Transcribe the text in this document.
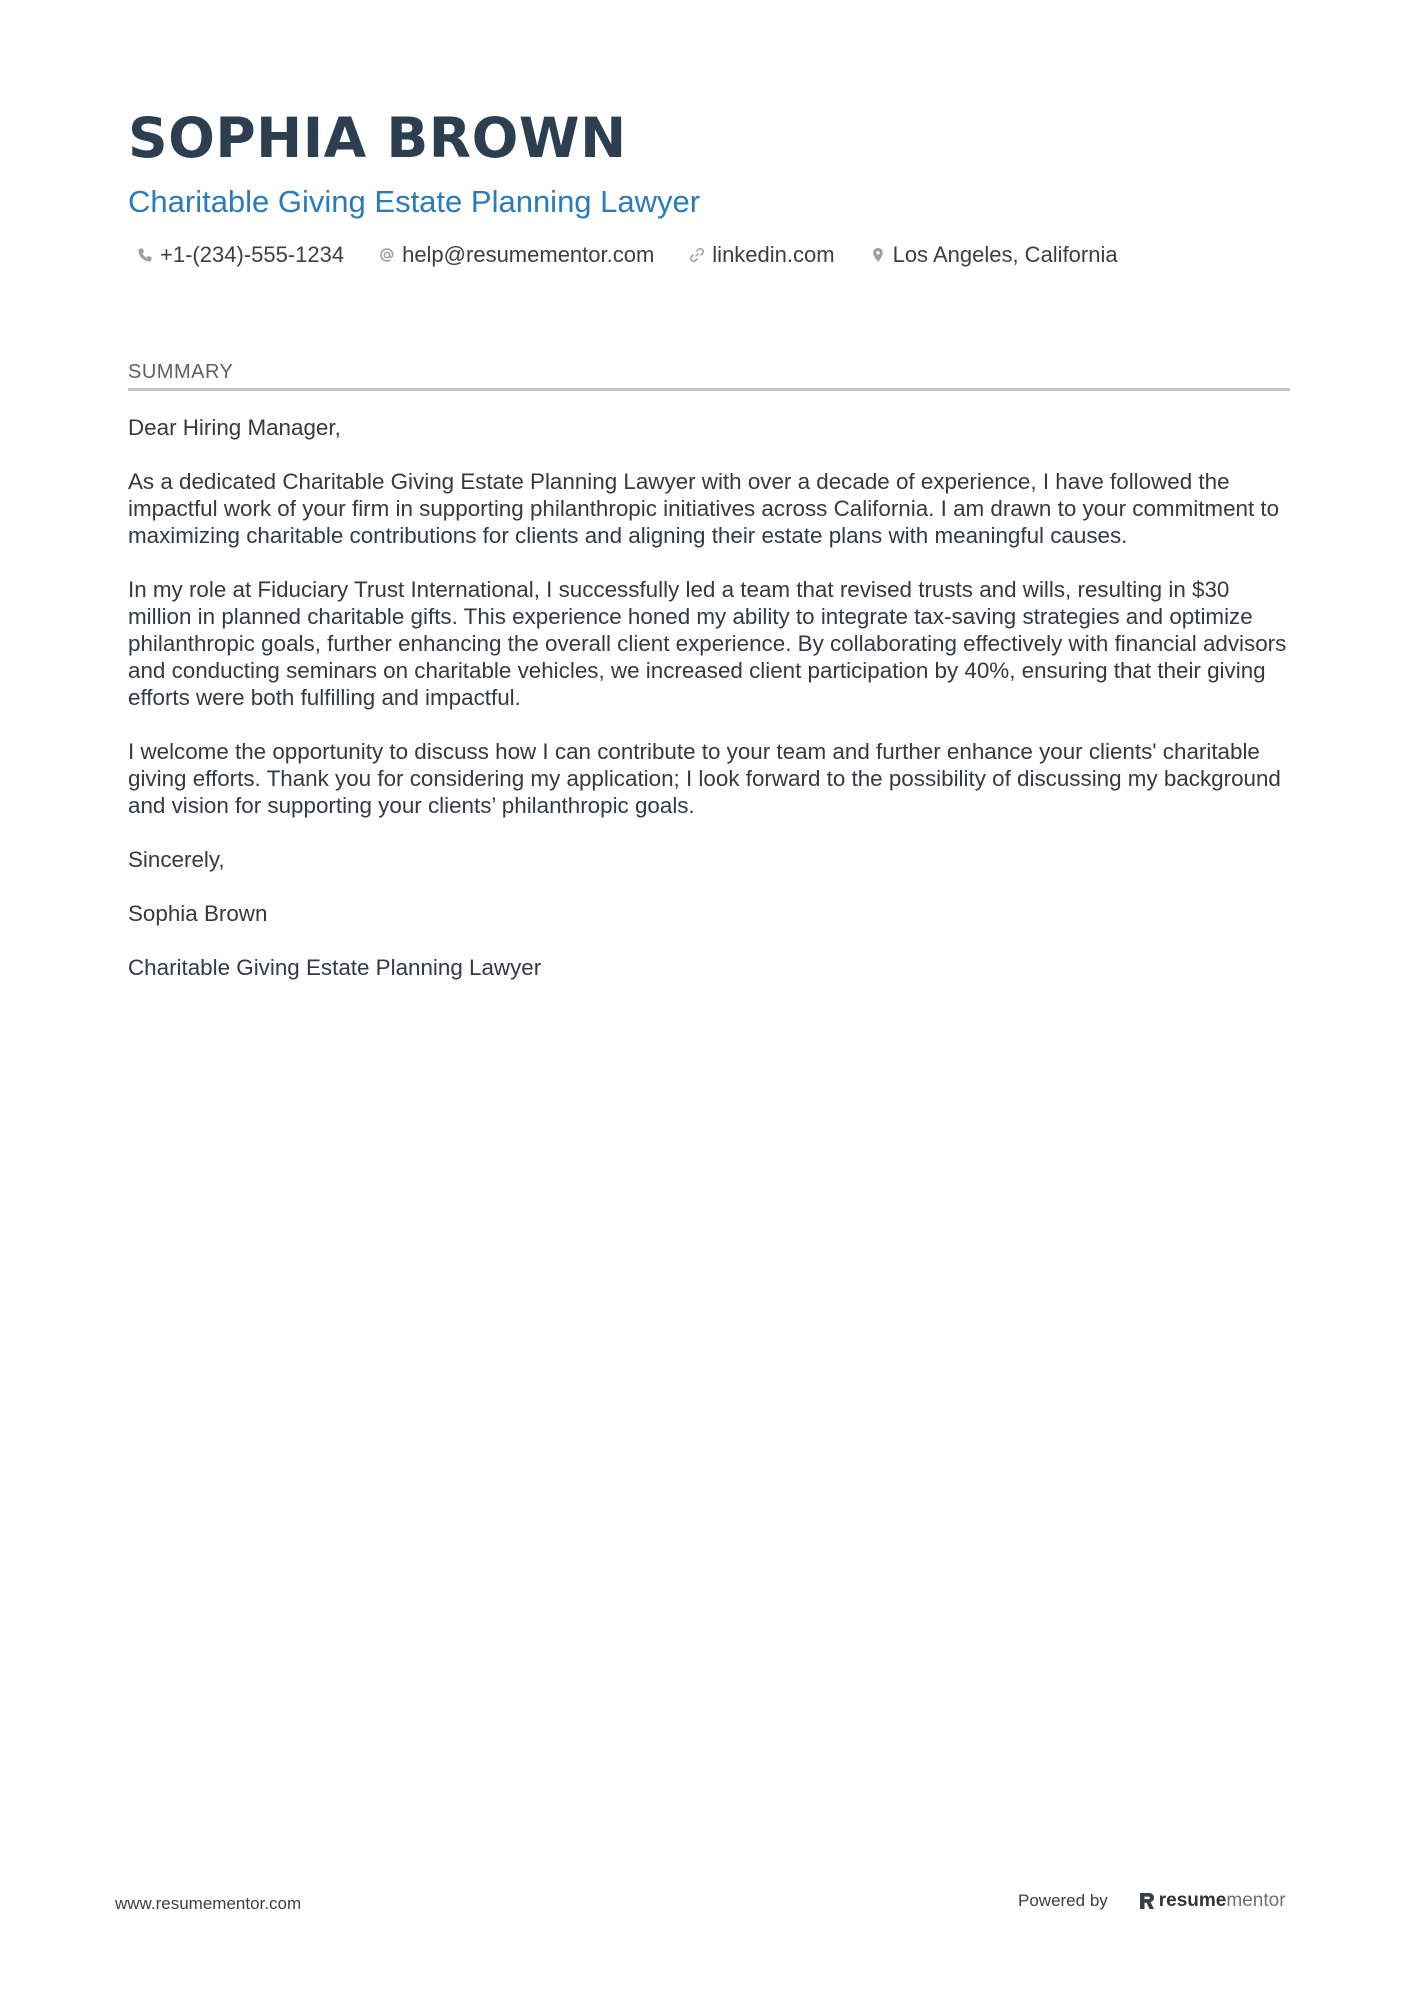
SOPHIA BROWN
Charitable Giving Estate Planning Lawyer
+1-(234)-555-1234	help@resumementor.com	linkedin.com	Los Angeles, California
SUMMARY

Dear Hiring Manager,

As a dedicated Charitable Giving Estate Planning Lawyer with over a decade of experience, I have followed the impactful work of your firm in supporting philanthropic initiatives across California. I am drawn to your commitment to maximizing charitable contributions for clients and aligning their estate plans with meaningful causes.

In my role at Fiduciary Trust International, I successfully led a team that revised trusts and wills, resulting in $30 million in planned charitable gifts. This experience honed my ability to integrate tax-saving strategies and optimize philanthropic goals, further enhancing the overall client experience. By collaborating effectively with financial advisors and conducting seminars on charitable vehicles, we increased client participation by 40%, ensuring that their giving efforts were both fulfilling and impactful.

I welcome the opportunity to discuss how I can contribute to your team and further enhance your clients' charitable giving efforts. Thank you for considering my application; I look forward to the possibility of discussing my background and vision for supporting your clients’ philanthropic goals.

Sincerely,

Sophia Brown

Charitable Giving Estate Planning Lawyer

www.resumementor.com	Powered by	resume mentor
